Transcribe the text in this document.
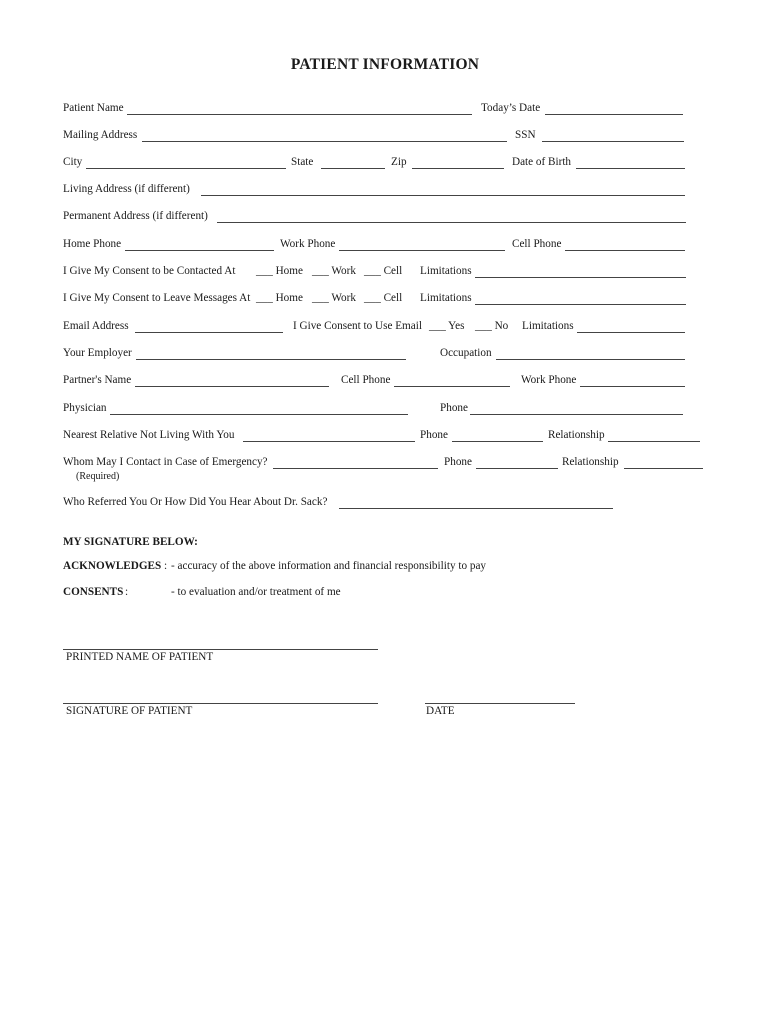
PATIENT INFORMATION
Patient Name	Today’s Date
Mailing Address	SSN
City	State	Zip	Date of Birth
Living Address (if different)
Permanent Address (if different)
Home Phone	Work Phone	Cell Phone
I Give My Consent to be Contacted At ___ Home ___ Work ___ Cell Limitations
I Give My Consent to Leave Messages At ___ Home ___ Work ___ Cell Limitations
Email Address	I Give Consent to Use Email ___ Yes ___ No Limitations
Your Employer	Occupation
Partner's Name	Cell Phone	Work Phone
Physician	Phone
Nearest Relative Not Living With You	Phone	Relationship
Whom May I Contact in Case of Emergency?	Phone	Relationship
(Required)
Who Referred You Or How Did You Hear About Dr. Sack?
MY SIGNATURE BELOW:
ACKNOWLEDGES : - accuracy of the above information and financial responsibility to pay
CONSENTS :	- to evaluation and/or treatment of me
PRINTED NAME OF PATIENT
SIGNATURE OF PATIENT	DATE
